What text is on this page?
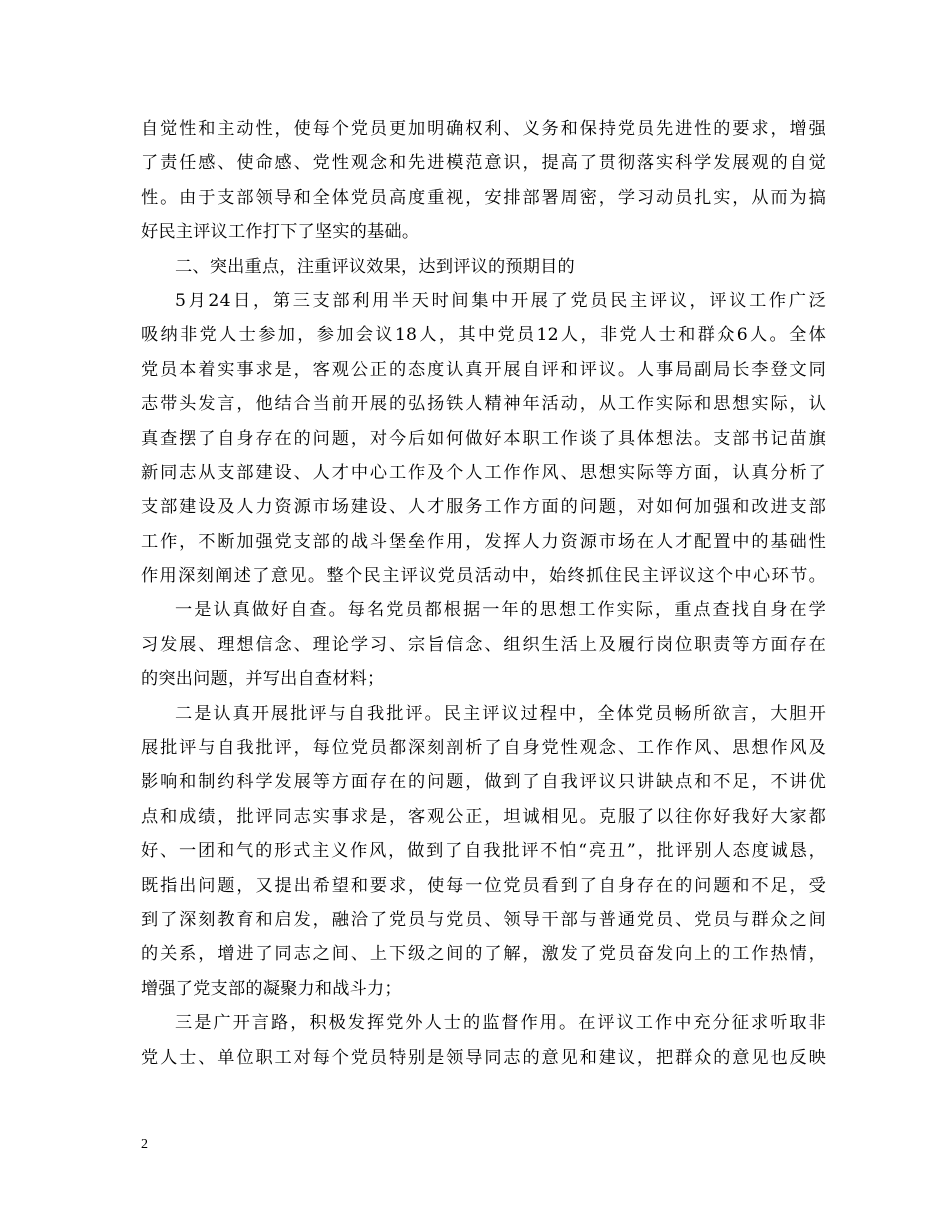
自觉性和主动性，使每个党员更加明确权利、义务和保持党员先进性的要求，增强
了责任感、使命感、党性观念和先进模范意识，提高了贯彻落实科学发展观的自觉
性。由于支部领导和全体党员高度重视，安排部署周密，学习动员扎实，从而为搞
好民主评议工作打下了坚实的基础。
二、突出重点，注重评议效果，达到评议的预期目的
5月24日，第三支部利用半天时间集中开展了党员民主评议，评议工作广泛
吸纳非党人士参加，参加会议18人，其中党员12人，非党人士和群众6人。全体
党员本着实事求是，客观公正的态度认真开展自评和评议。人事局副局长李登文同
志带头发言，他结合当前开展的弘扬铁人精神年活动，从工作实际和思想实际，认
真查摆了自身存在的问题，对今后如何做好本职工作谈了具体想法。支部书记苗旗
新同志从支部建设、人才中心工作及个人工作作风、思想实际等方面，认真分析了
支部建设及人力资源市场建设、人才服务工作方面的问题，对如何加强和改进支部
工作，不断加强党支部的战斗堡垒作用，发挥人力资源市场在人才配置中的基础性
作用深刻阐述了意见。整个民主评议党员活动中，始终抓住民主评议这个中心环节。
一是认真做好自查。每名党员都根据一年的思想工作实际，重点查找自身在学
习发展、理想信念、理论学习、宗旨信念、组织生活上及履行岗位职责等方面存在
的突出问题，并写出自查材料；
二是认真开展批评与自我批评。民主评议过程中，全体党员畅所欲言，大胆开
展批评与自我批评，每位党员都深刻剖析了自身党性观念、工作作风、思想作风及
影响和制约科学发展等方面存在的问题，做到了自我评议只讲缺点和不足，不讲优
点和成绩，批评同志实事求是，客观公正，坦诚相见。克服了以往你好我好大家都
好、一团和气的形式主义作风，做到了自我批评不怕“亮丑”，批评别人态度诚恳，
既指出问题，又提出希望和要求，使每一位党员看到了自身存在的问题和不足，受
到了深刻教育和启发，融洽了党员与党员、领导干部与普通党员、党员与群众之间
的关系，增进了同志之间、上下级之间的了解，激发了党员奋发向上的工作热情，
增强了党支部的凝聚力和战斗力；
三是广开言路，积极发挥党外人士的监督作用。在评议工作中充分征求听取非
党人士、单位职工对每个党员特别是领导同志的意见和建议，把群众的意见也反映
2
